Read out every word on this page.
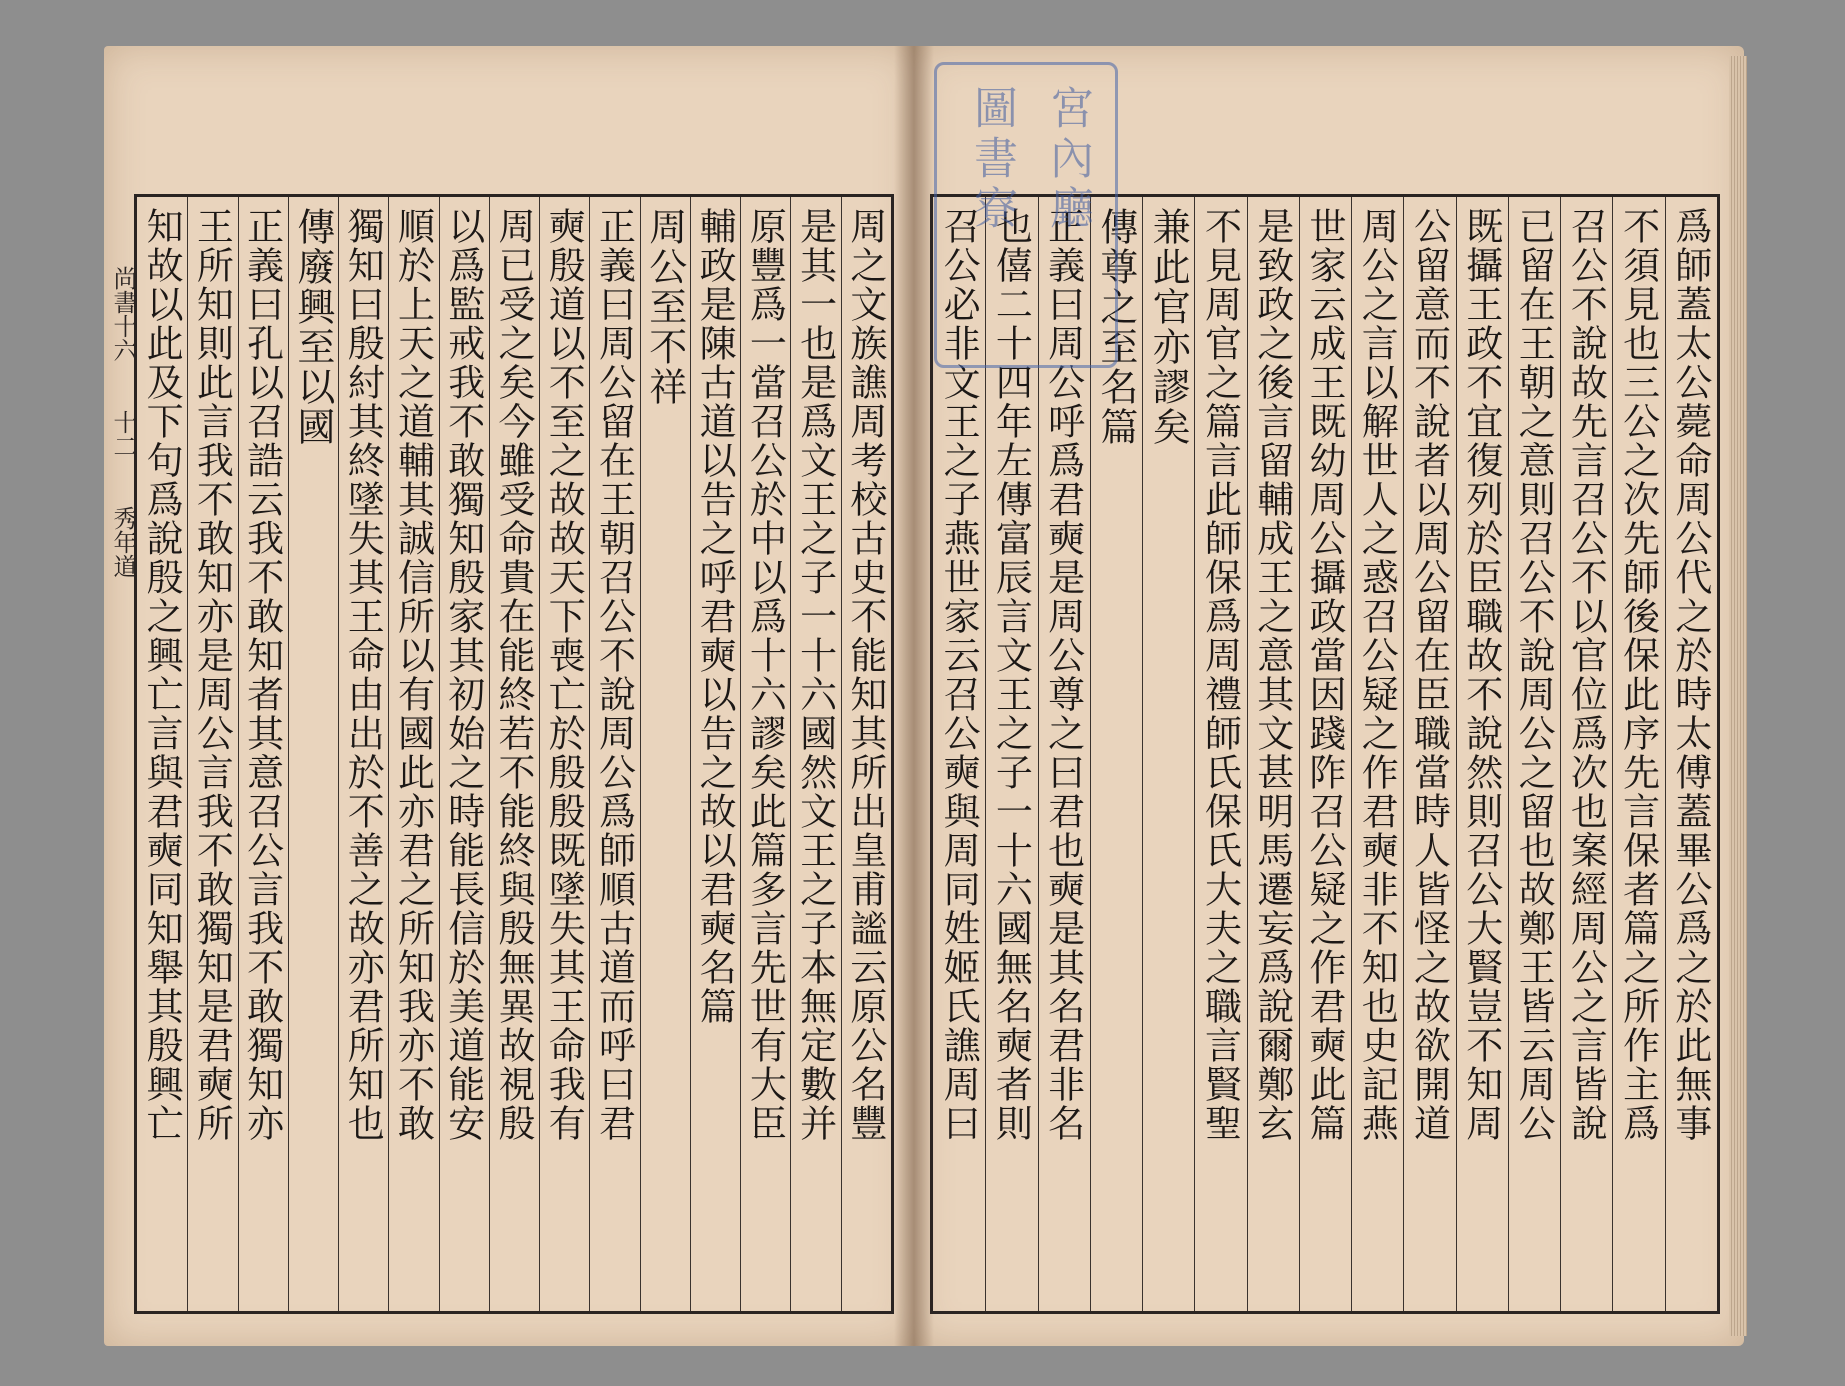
周之文族譙周考校古史不能知其所出皇甫謐云原公名豐
是其一也是爲文王之子一十六國然文王之子本無定數并
原豐爲一當召公於中以爲十六謬矣此篇多言先世有大臣
輔政是陳古道以告之呼君奭以告之故以君奭名篇
周公至不祥
正義曰周公留在王朝召公不說周公爲師順古道而呼曰君
奭殷道以不至之故故天下喪亡於殷殷既墜失其王命我有
周已受之矣今雖受命貴在能終若不能終與殷無異故視殷
以爲監戒我不敢獨知殷家其初始之時能長信於美道能安
順於上天之道輔其誠信所以有國此亦君之所知我亦不敢
獨知曰殷紂其終墜失其王命由出於不善之故亦君所知也
傳廢興至以國
正義曰孔以召誥云我不敢知者其意召公言我不敢獨知亦
王所知則此言我不敢知亦是周公言我不敢獨知是君奭所
知故以此及下句爲說殷之興亡言與君奭同知舉其殷興亡	爲師蓋太公薨命周公代之於時太傅蓋畢公爲之於此無事
不須見也三公之次先師後保此序先言保者篇之所作主爲
召公不說故先言召公不以官位爲次也案經周公之言皆說
已留在王朝之意則召公不說周公之留也故鄭王皆云周公
既攝王政不宜復列於臣職故不說然則召公大賢豈不知周
公留意而不說者以周公留在臣職當時人皆怪之故欲開道
周公之言以解世人之惑召公疑之作君奭非不知也史記燕
世家云成王既幼周公攝政當因踐阼召公疑之作君奭此篇
是致政之後言留輔成王之意其文甚明馬遷妄爲說爾鄭玄
不見周官之篇言此師保爲周禮師氏保氏大夫之職言賢聖
兼此官亦謬矣
傳尊之至名篇
正義曰周公呼爲君奭是周公尊之曰君也奭是其名君非名
也僖二十四年左傳富辰言文王之子一十六國無名奭者則
召公必非文王之子燕世家云召公奭與周同姓姬氏譙周曰
尚書十六　　十二　　秀年道
宮內廳
圖書寮
